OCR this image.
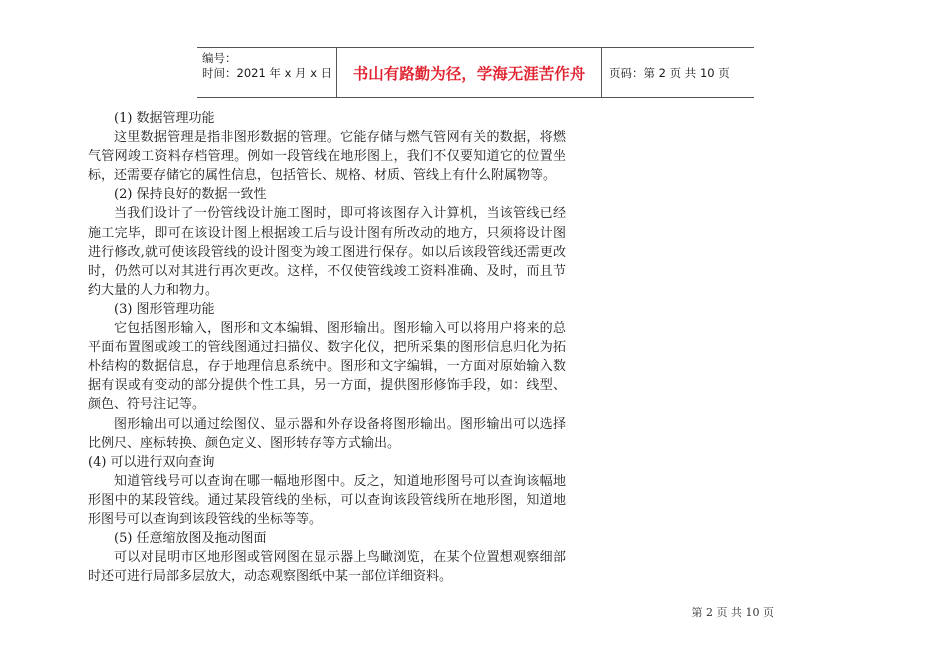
编号：
时间：2021 年 x 月 x 日	书山有路勤为径，学海无涯苦作舟	页码：第 2 页 共 10 页

(1) 数据管理功能

这里数据管理是指非图形数据的管理。它能存储与燃气管网有关的数据，将燃气管网竣工资料存档管理。例如一段管线在地形图上，我们不仅要知道它的位置坐标，还需要存储它的属性信息，包括管长、规格、材质、管线上有什么附属物等。

(2) 保持良好的数据一致性

当我们设计了一份管线设计施工图时，即可将该图存入计算机，当该管线已经施工完毕，即可在该设计图上根据竣工后与设计图有所改动的地方，只须将设计图进行修改,就可使该段管线的设计图变为竣工图进行保存。如以后该段管线还需更改时，仍然可以对其进行再次更改。这样，不仅使管线竣工资料准确、及时，而且节约大量的人力和物力。

(3) 图形管理功能

它包括图形输入，图形和文本编辑、图形输出。图形输入可以将用户将来的总平面布置图或竣工的管线图通过扫描仪、数字化仪，把所采集的图形信息归化为拓朴结构的数据信息，存于地理信息系统中。图形和文字编辑，一方面对原始输入数据有误或有变动的部分提供个性工具，另一方面，提供图形修饰手段，如：线型、颜色、符号注记等。

图形输出可以通过绘图仪、显示器和外存设备将图形输出。图形输出可以选择比例尺、座标转换、颜色定义、图形转存等方式输出。

(4) 可以进行双向查询

知道管线号可以查询在哪一幅地形图中。反之，知道地形图号可以查询该幅地形图中的某段管线。通过某段管线的坐标，可以查询该段管线所在地形图，知道地形图号可以查询到该段管线的坐标等等。

(5) 任意缩放图及拖动图面

可以对昆明市区地形图或管网图在显示器上鸟瞰浏览，在某个位置想观察细部时还可进行局部多层放大，动态观察图纸中某一部位详细资料。

第 2 页 共 10 页
